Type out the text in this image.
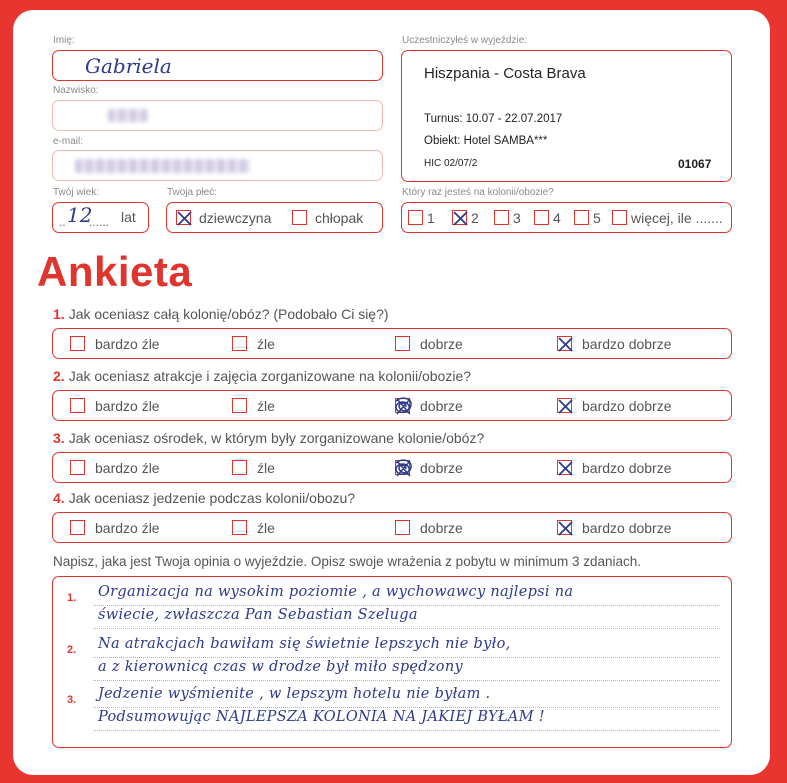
Imię:
Gabriela
Nazwisko:
e-mail:
Twój wiek:
.. 12
...... lat
Twoja płeć:
dziewczyna	chłopak
Uczestniczyłeś w wyjeździe:
Hiszpania - Costa Brava
Turnus: 10.07 - 22.07.2017
Obiekt: Hotel SAMBA***
HIC 02/07/2	01067
Który raz jesteś na kolonii/obozie?
1	2 3 4 5 więcej, ile .......
Ankieta
1. Jak oceniasz całą kolonię/obóz? (Podobało Ci się?)
bardzo źle	źle	dobrze	bardzo dobrze
2. Jak oceniasz atrakcje i zajęcia zorganizowane na kolonii/obozie?
bardzo źle	źle	dobrze	bardzo dobrze
3. Jak oceniasz ośrodek, w którym były zorganizowane kolonie/obóz?
bardzo źle	źle	dobrze	bardzo dobrze
4. Jak oceniasz jedzenie podczas kolonii/obozu?
bardzo źle	źle	dobrze	bardzo dobrze
Napisz, jaka jest Twoja opinia o wyjeździe. Opisz swoje wrażenia z pobytu w minimum 3 zdaniach.
1.
2.
3.
Organizacja na wysokim poziomie , a wychowawcy najlepsi na
świecie, zwłaszcza Pan Sebastian Szeluga
Na atrakcjach bawiłam się świetnie lepszych nie było,
a z kierownicą czas w drodze był miło spędzony
Jedzenie wyśmienite , w lepszym hotelu nie byłam .
Podsumowując NAJLEPSZA KOLONIA NA JAKIEJ BYŁAM !
